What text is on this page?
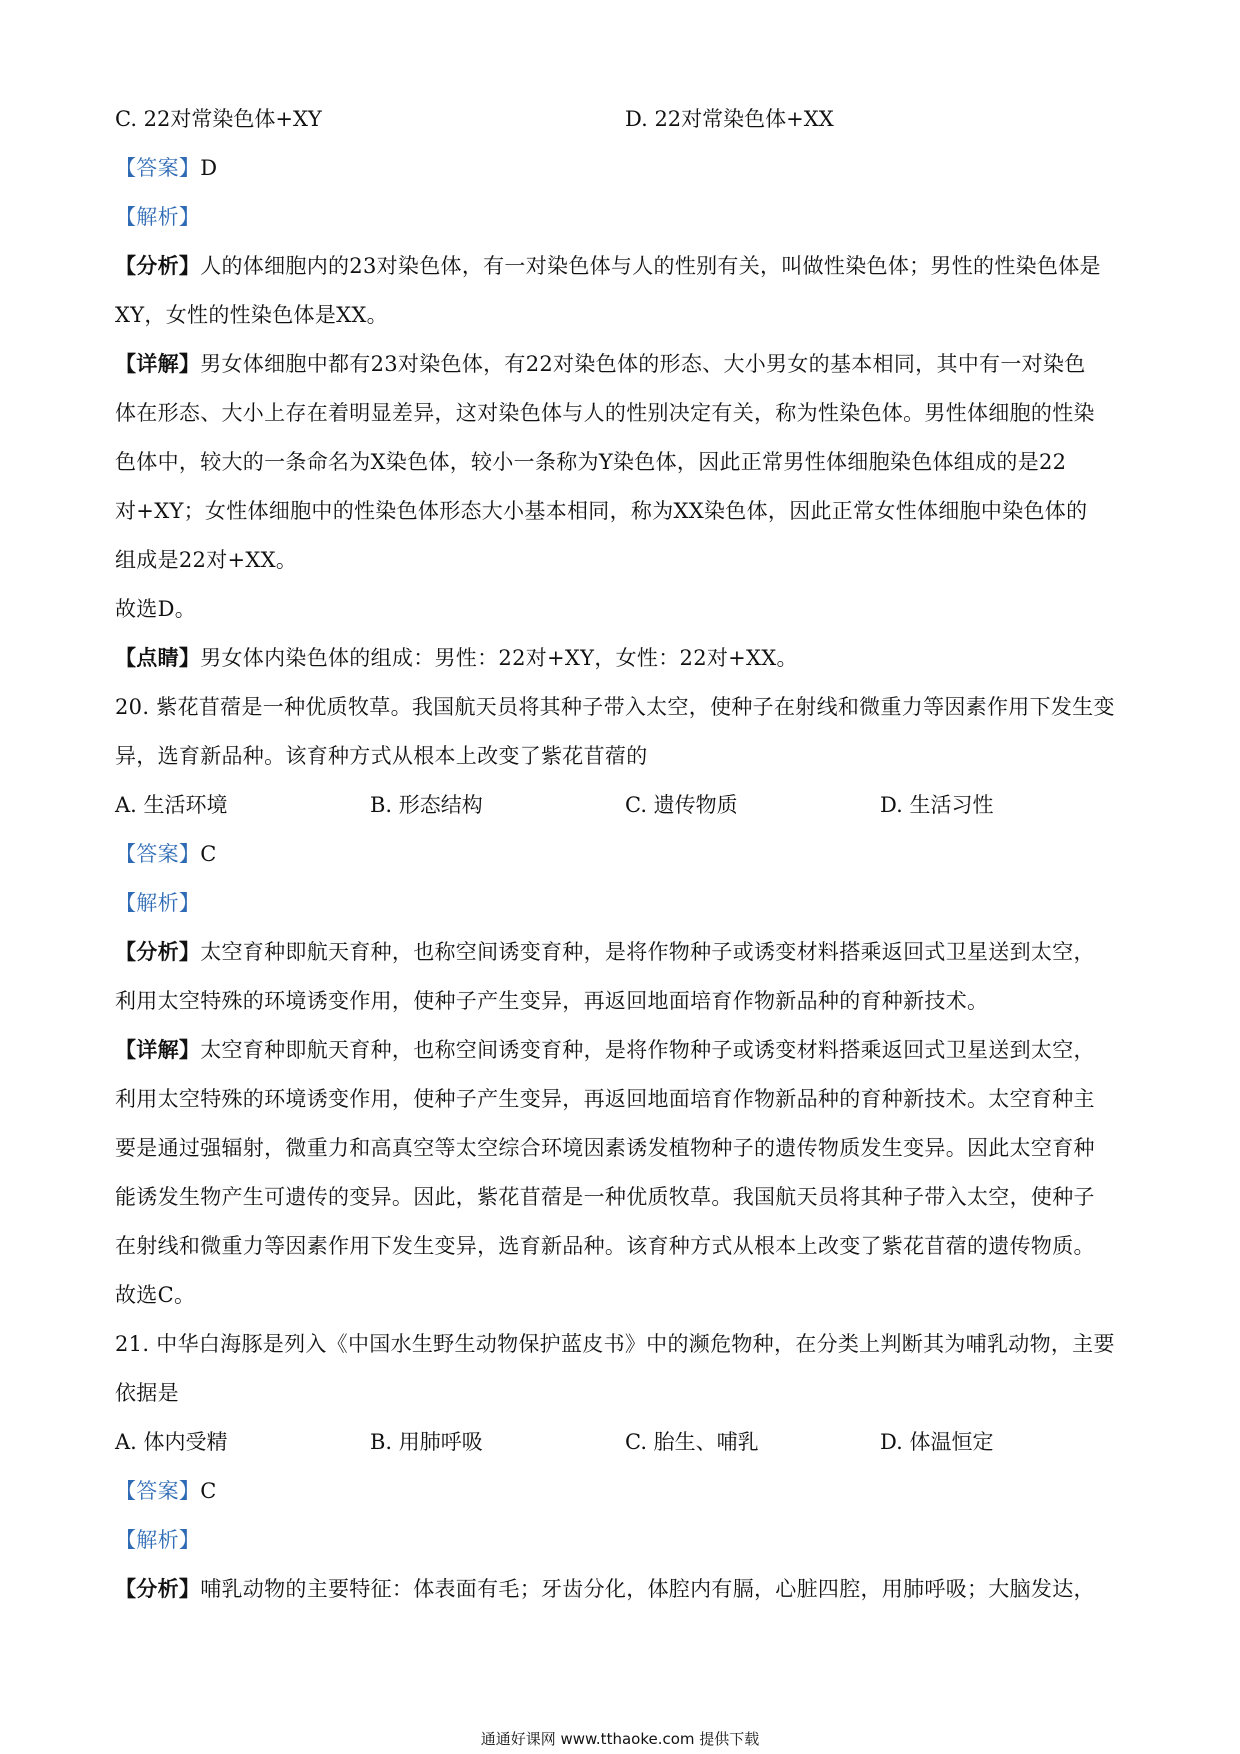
C. 22对常染色体+XY	D. 22对常染色体+XX
【答案】D
【解析】
【分析】人的体细胞内的23对染色体，有一对染色体与人的性别有关，叫做性染色体；男性的性染色体是
XY，女性的性染色体是XX。
【详解】男女体细胞中都有23对染色体，有22对染色体的形态、大小男女的基本相同，其中有一对染色
体在形态、大小上存在着明显差异，这对染色体与人的性别决定有关，称为性染色体。男性体细胞的性染
色体中，较大的一条命名为X染色体，较小一条称为Y染色体，因此正常男性体细胞染色体组成的是22
对+XY；女性体细胞中的性染色体形态大小基本相同，称为XX染色体，因此正常女性体细胞中染色体的
组成是22对+XX。
故选D。
【点睛】男女体内染色体的组成：男性：22对+XY，女性：22对+XX。
20. 紫花苜蓿是一种优质牧草。我国航天员将其种子带入太空，使种子在射线和微重力等因素作用下发生变
异，选育新品种。该育种方式从根本上改变了紫花苜蓿的
A. 生活环境	B. 形态结构	C. 遗传物质	D. 生活习性
【答案】C
【解析】
【分析】太空育种即航天育种，也称空间诱变育种，是将作物种子或诱变材料搭乘返回式卫星送到太空，
利用太空特殊的环境诱变作用，使种子产生变异，再返回地面培育作物新品种的育种新技术。
【详解】太空育种即航天育种，也称空间诱变育种，是将作物种子或诱变材料搭乘返回式卫星送到太空，
利用太空特殊的环境诱变作用，使种子产生变异，再返回地面培育作物新品种的育种新技术。太空育种主
要是通过强辐射，微重力和高真空等太空综合环境因素诱发植物种子的遗传物质发生变异。因此太空育种
能诱发生物产生可遗传的变异。因此，紫花苜蓿是一种优质牧草。我国航天员将其种子带入太空，使种子
在射线和微重力等因素作用下发生变异，选育新品种。该育种方式从根本上改变了紫花苜蓿的遗传物质。
故选C。
21. 中华白海豚是列入《中国水生野生动物保护蓝皮书》中的濒危物种，在分类上判断其为哺乳动物，主要
依据是
A. 体内受精	B. 用肺呼吸	C. 胎生、哺乳	D. 体温恒定
【答案】C
【解析】
【分析】哺乳动物的主要特征：体表面有毛；牙齿分化，体腔内有膈，心脏四腔，用肺呼吸；大脑发达，
通通好课网 www.tthaoke.com 提供下载
